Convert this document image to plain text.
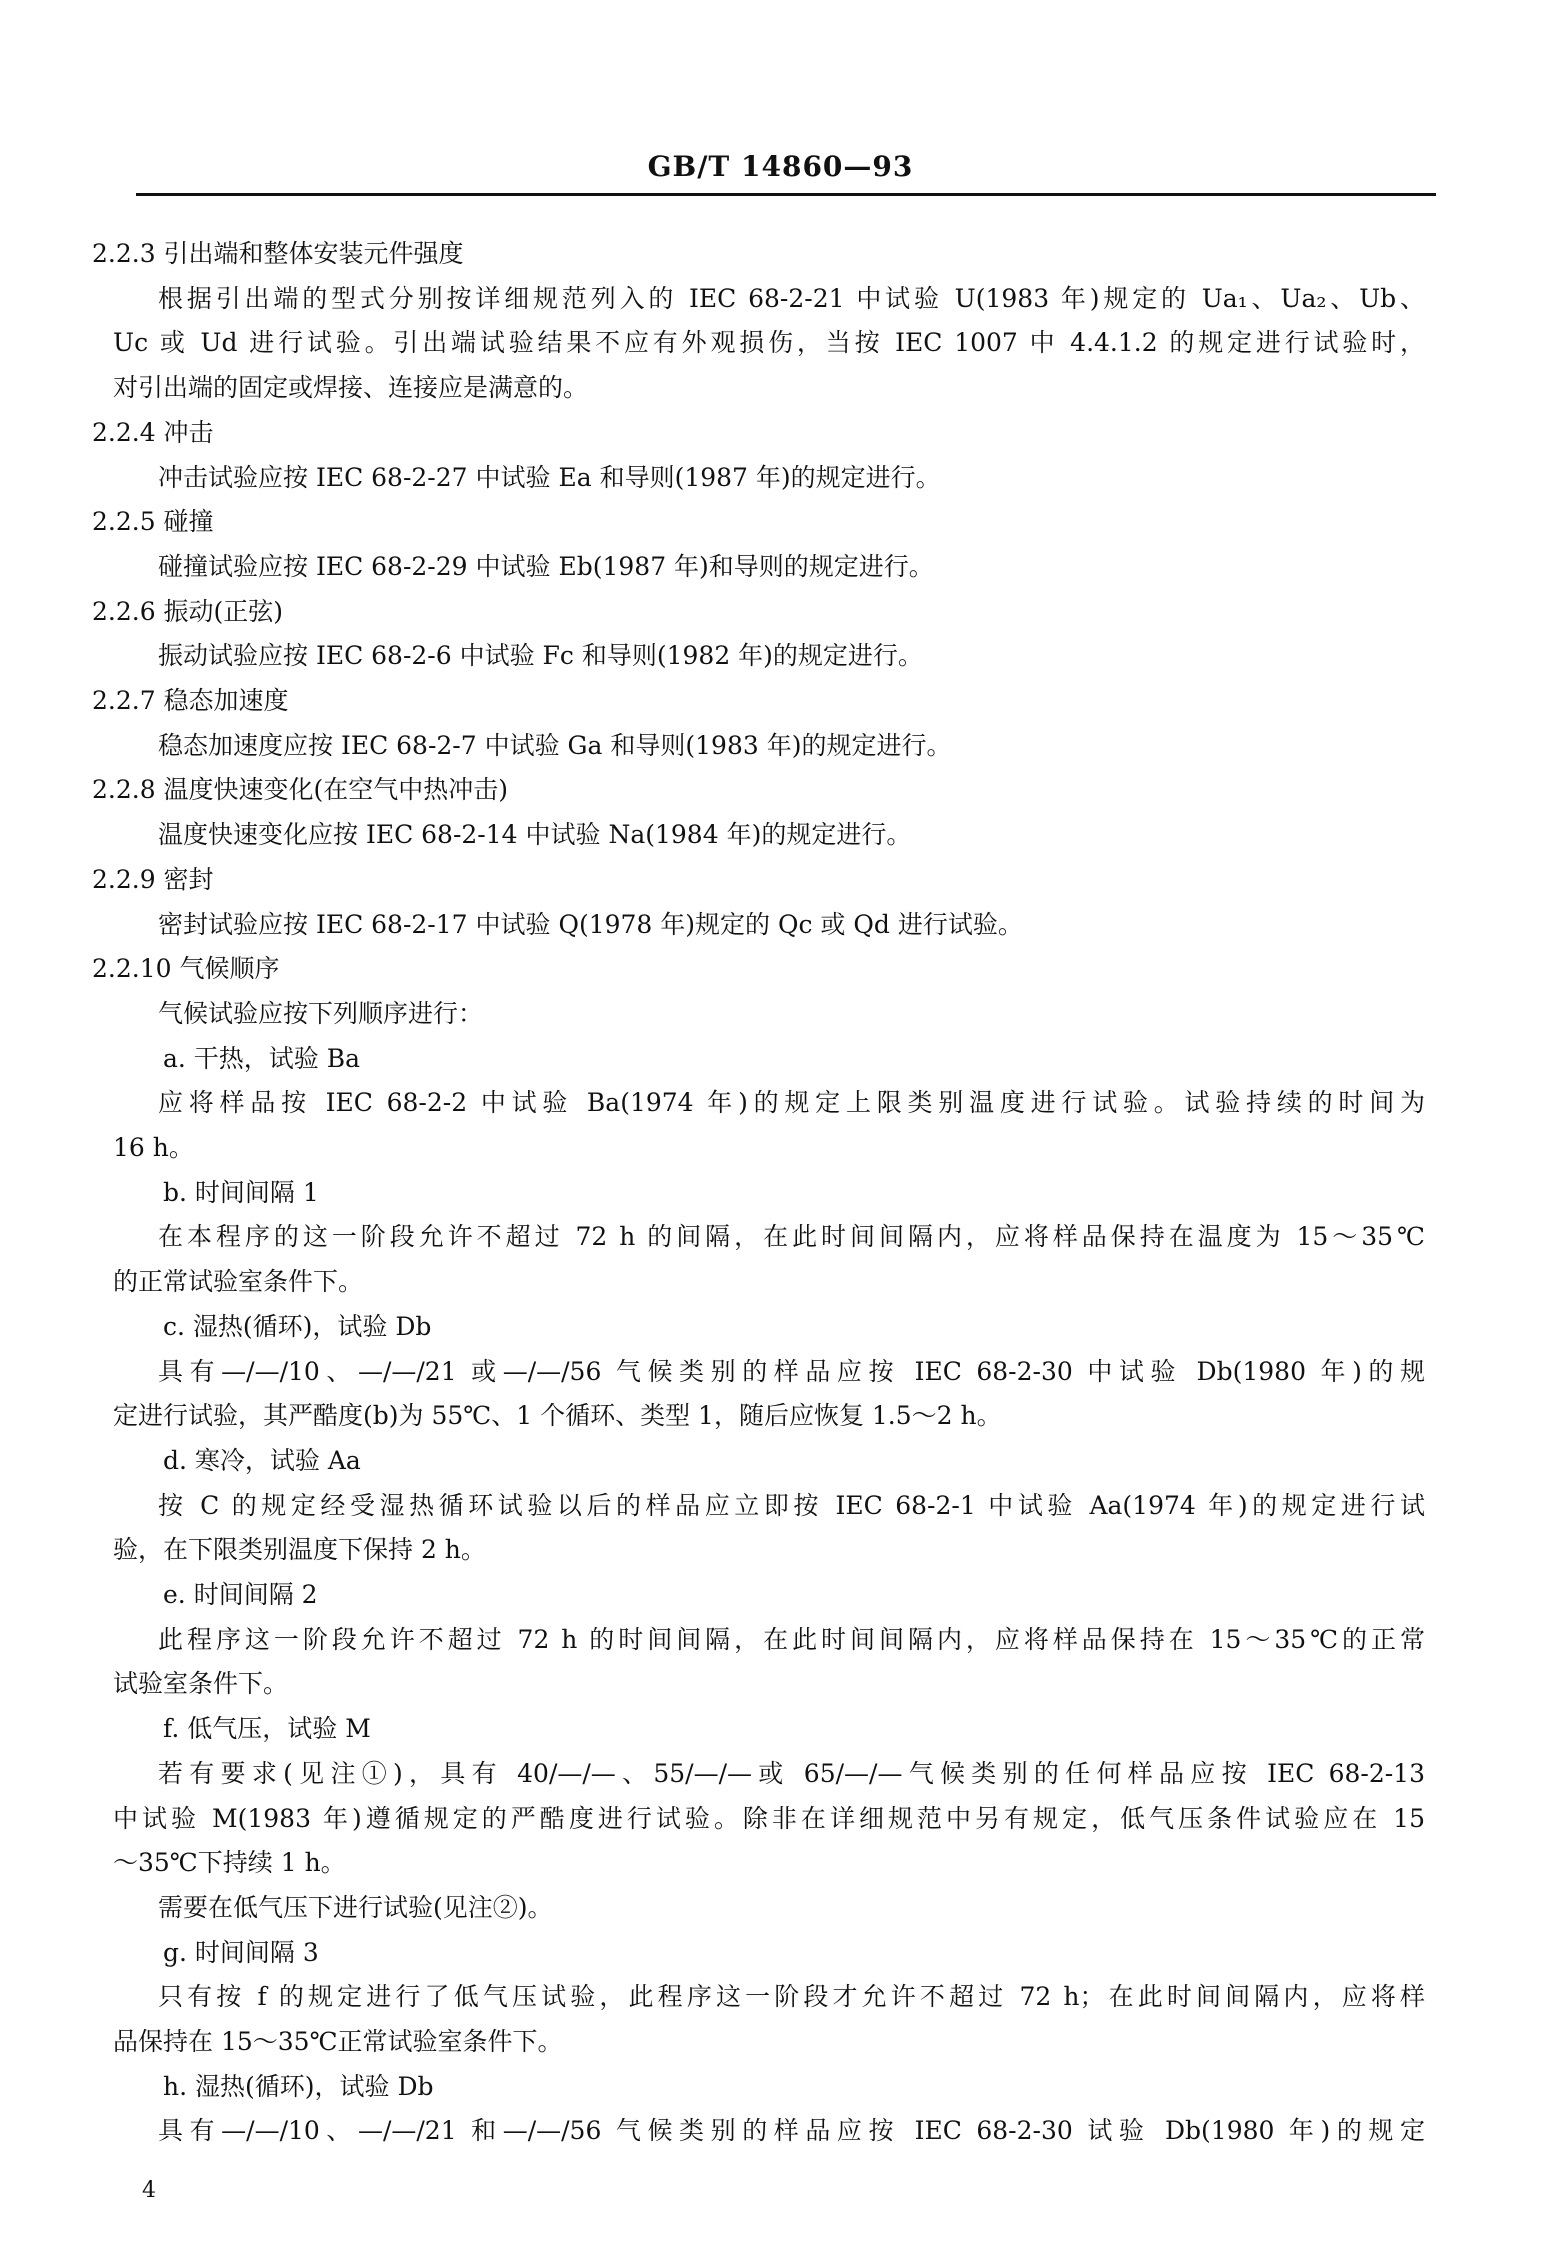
GB/T 14860—93
2.2.3 引出端和整体安装元件强度
根据引出端的型式分别按详细规范列入的 IEC 68-2-21 中试验 U(1983 年)规定的 Ua₁、Ua₂、Ub、
Uc 或 Ud 进行试验。引出端试验结果不应有外观损伤，当按 IEC 1007 中 4.4.1.2 的规定进行试验时，
对引出端的固定或焊接、连接应是满意的。
2.2.4 冲击
冲击试验应按 IEC 68-2-27 中试验 Ea 和导则(1987 年)的规定进行。
2.2.5 碰撞
碰撞试验应按 IEC 68-2-29 中试验 Eb(1987 年)和导则的规定进行。
2.2.6 振动(正弦)
振动试验应按 IEC 68-2-6 中试验 Fc 和导则(1982 年)的规定进行。
2.2.7 稳态加速度
稳态加速度应按 IEC 68-2-7 中试验 Ga 和导则(1983 年)的规定进行。
2.2.8 温度快速变化(在空气中热冲击)
温度快速变化应按 IEC 68-2-14 中试验 Na(1984 年)的规定进行。
2.2.9 密封
密封试验应按 IEC 68-2-17 中试验 Q(1978 年)规定的 Qc 或 Qd 进行试验。
2.2.10 气候顺序
气候试验应按下列顺序进行：
a. 干热，试验 Ba
应将样品按 IEC 68-2-2 中试验 Ba(1974 年)的规定上限类别温度进行试验。试验持续的时间为
16 h。
b. 时间间隔 1
在本程序的这一阶段允许不超过 72 h 的间隔，在此时间间隔内，应将样品保持在温度为 15～35℃
的正常试验室条件下。
c. 湿热(循环)，试验 Db
具有—/—/10、—/—/21 或—/—/56 气候类别的样品应按 IEC 68-2-30 中试验 Db(1980 年)的规
定进行试验，其严酷度(b)为 55℃、1 个循环、类型 1，随后应恢复 1.5～2 h。
d. 寒冷，试验 Aa
按 C 的规定经受湿热循环试验以后的样品应立即按 IEC 68-2-1 中试验 Aa(1974 年)的规定进行试
验，在下限类别温度下保持 2 h。
e. 时间间隔 2
此程序这一阶段允许不超过 72 h 的时间间隔，在此时间间隔内，应将样品保持在 15～35℃的正常
试验室条件下。
f. 低气压，试验 M
若有要求(见注①)，具有 40/—/—、55/—/—或 65/—/—气候类别的任何样品应按 IEC 68-2-13
中试验 M(1983 年)遵循规定的严酷度进行试验。除非在详细规范中另有规定，低气压条件试验应在 15
～35℃下持续 1 h。
需要在低气压下进行试验(见注②)。
g. 时间间隔 3
只有按 f 的规定进行了低气压试验，此程序这一阶段才允许不超过 72 h；在此时间间隔内，应将样
品保持在 15～35℃正常试验室条件下。
h. 湿热(循环)，试验 Db
具有—/—/10、—/—/21 和—/—/56 气候类别的样品应按 IEC 68-2-30 试验 Db(1980 年)的规定
4
